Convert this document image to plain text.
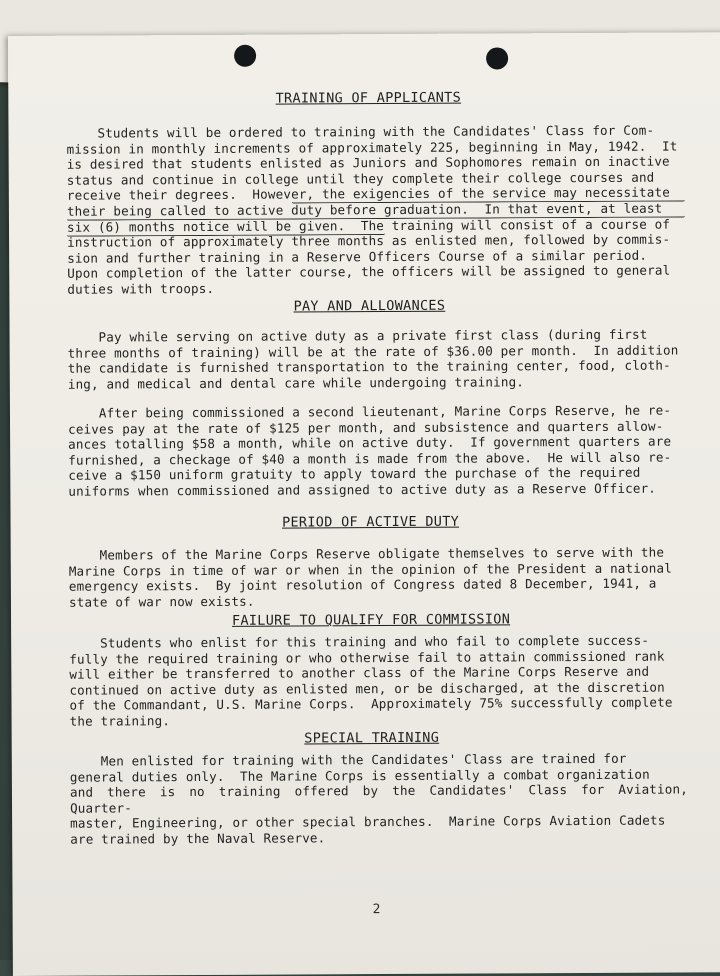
TRAINING OF APPLICANTS
Students will be ordered to training with the Candidates' Class for Com-
mission in monthly increments of approximately 225, beginning in May, 1942.  It
is desired that students enlisted as Juniors and Sophomores remain on inactive
status and continue in college until they complete their college courses and
receive their degrees.  However, the exigencies of the service may necessitate
their being called to active duty before graduation.  In that event, at least
six (6) months notice will be given.  The training will consist of a course of
instruction of approximately three months as enlisted men, followed by commis-
sion and further training in a Reserve Officers Course of a similar period.
Upon completion of the latter course, the officers will be assigned to general
duties with troops.
PAY AND ALLOWANCES
Pay while serving on active duty as a private first class (during first
three months of training) will be at the rate of $36.00 per month.  In addition
the candidate is furnished transportation to the training center, food, cloth-
ing, and medical and dental care while undergoing training.
After being commissioned a second lieutenant, Marine Corps Reserve, he re-
ceives pay at the rate of $125 per month, and subsistence and quarters allow-
ances totalling $58 a month, while on active duty.  If government quarters are
furnished, a checkage of $40 a month is made from the above.  He will also re-
ceive a $150 uniform gratuity to apply toward the purchase of the required
uniforms when commissioned and assigned to active duty as a Reserve Officer.
PERIOD OF ACTIVE DUTY
Members of the Marine Corps Reserve obligate themselves to serve with the
Marine Corps in time of war or when in the opinion of the President a national
emergency exists.  By joint resolution of Congress dated 8 December, 1941, a
state of war now exists.
FAILURE TO QUALIFY FOR COMMISSION
Students who enlist for this training and who fail to complete success-
fully the required training or who otherwise fail to attain commissioned rank
will either be transferred to another class of the Marine Corps Reserve and
continued on active duty as enlisted men, or be discharged, at the discretion
of the Commandant, U.S. Marine Corps.  Approximately 75% successfully complete
the training.
SPECIAL TRAINING
Men enlisted for training with the Candidates' Class are trained for
general duties only.  The Marine Corps is essentially a combat organization
and there is no training offered by the Candidates' Class for Aviation, Quarter-
master, Engineering, or other special branches.  Marine Corps Aviation Cadets
are trained by the Naval Reserve.
2
